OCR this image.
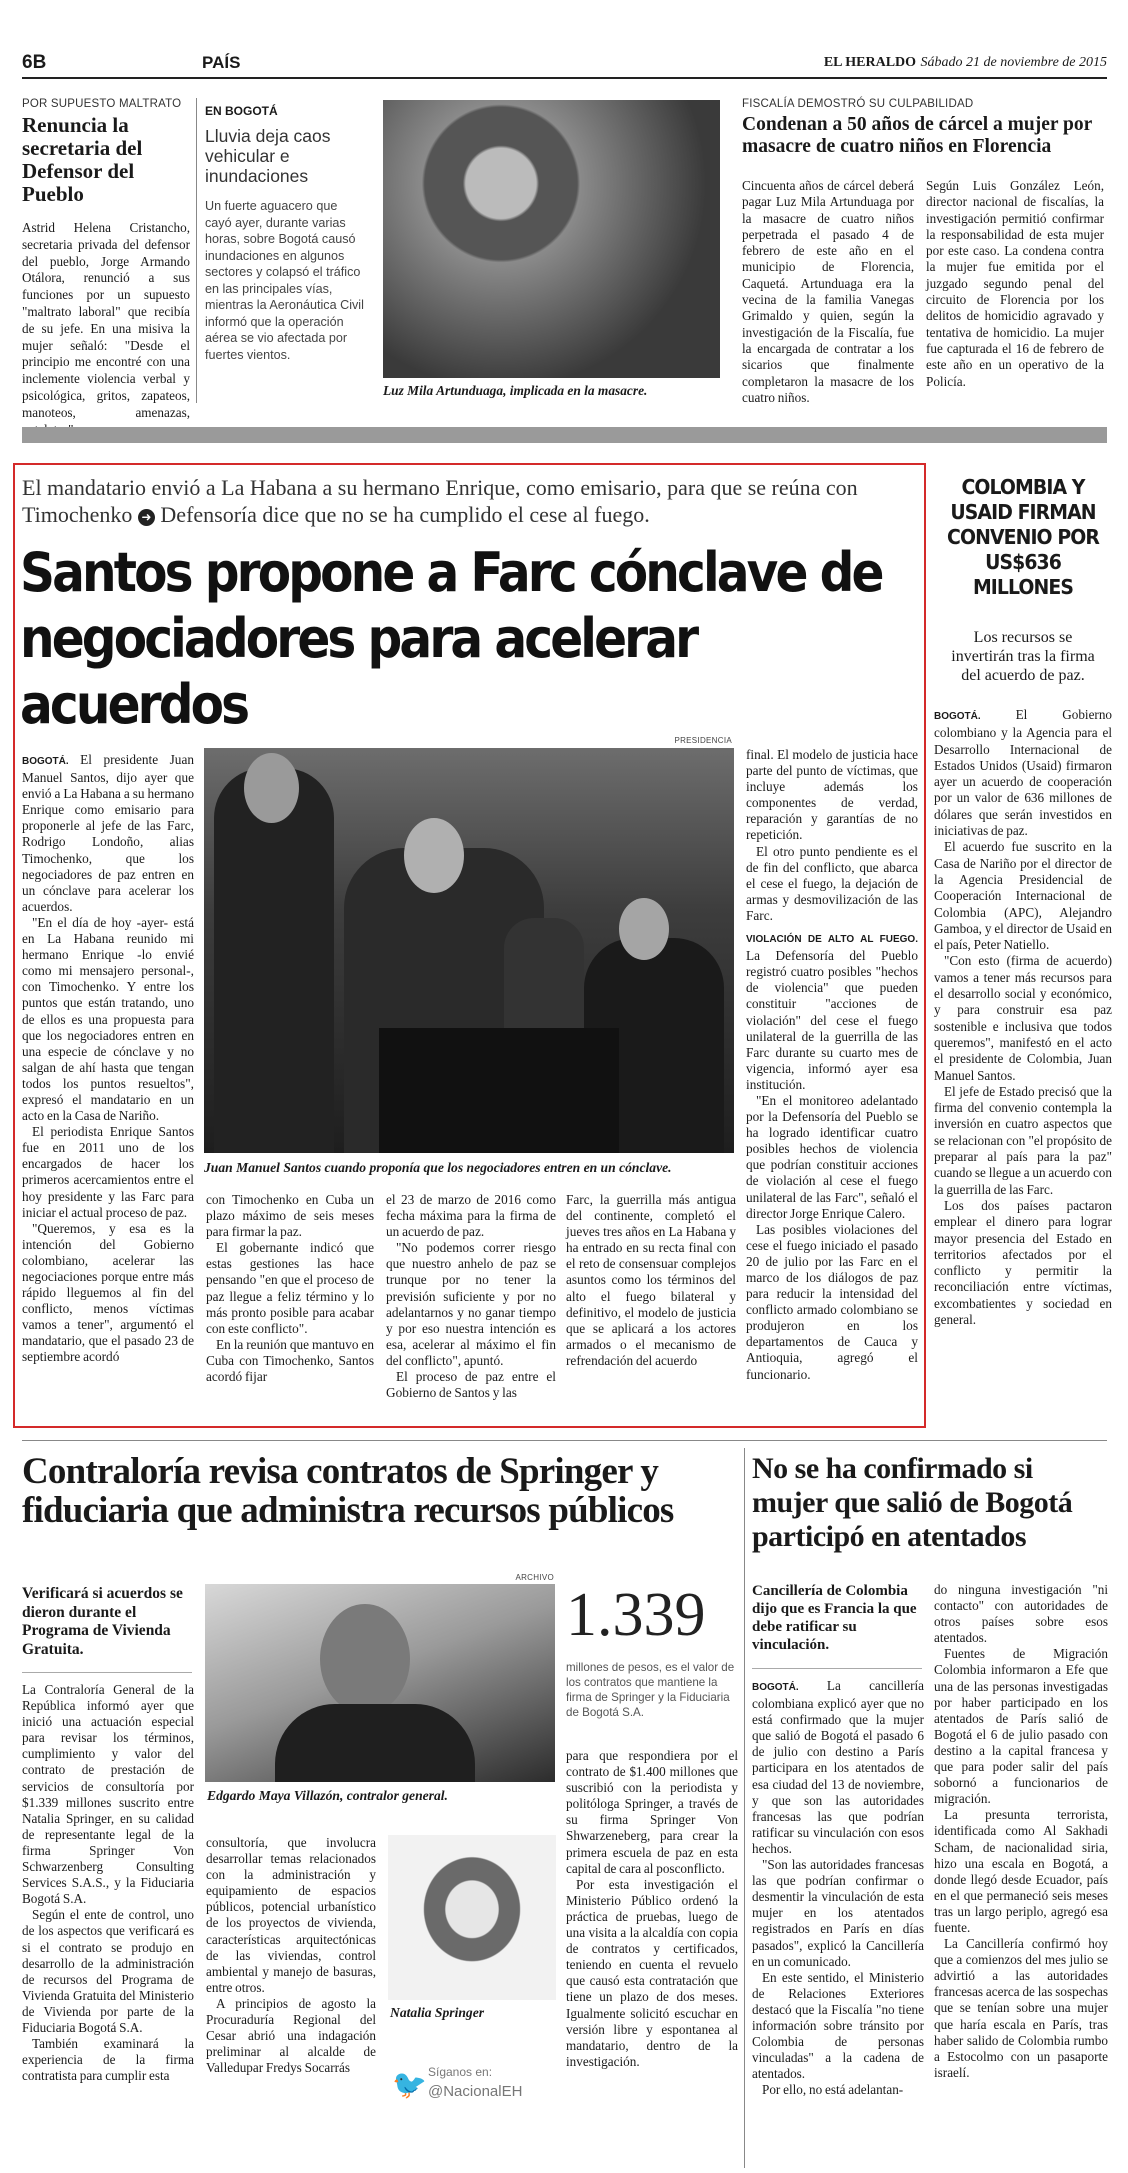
6B	PAÍS	EL HERALDO Sábado 21 de noviembre de 2015
POR SUPUESTO MALTRATO
Renuncia la secretaria del Defensor del Pueblo
Astrid Helena Cristancho, secretaria privada del defensor del pueblo, Jorge Armando Otálora, renunció a sus funciones por un supuesto "maltrato laboral" que recibía de su jefe. En una misiva la mujer señaló: "Desde el principio me encontré con una inclemente violencia verbal y psicológica, gritos, zapateos, manoteos, amenazas,
EN BOGOTÁ
Lluvia deja caos vehicular e inundaciones
Un fuerte aguacero que cayó ayer, durante varias horas, sobre Bogotá causó inundaciones en algunos sectores y colapsó el tráfico en las principales vías, mientras la Aeronáutica Civil informó que la operación aérea se vio afectada por fuertes vientos.
Luz Mila Artunduaga, implicada en la masacre.
FISCALÍA DEMOSTRÓ SU CULPABILIDAD
Condenan a 50 años de cárcel a mujer por masacre de cuatro niños en Florencia
Cincuenta años de cárcel deberá pagar Luz Mila Artunduaga por la masacre de cuatro niños perpetrada el pasado 4 de febrero de este año en el municipio de Florencia, Caquetá. Artunduaga era la vecina de la familia Vanegas Grimaldo y quien, según la investigación de la Fiscalía, fue la encargada de contratar a los sicarios que finalmente completaron la masacre de los cuatro niños.
Según Luis González León, director nacional de fiscalías, la investigación permitió confirmar la responsabilidad de esta mujer por este caso. La condena contra la mujer fue emitida por el juzgado segundo penal del circuito de Florencia por los delitos de homicidio agravado y tentativa de homicidio. La mujer fue capturada el 16 de febrero de este año en un operativo de la Policía.
El mandatario envió a La Habana a su hermano Enrique, como emisario, para que se reúna con Timochenko ➜ Defensoría dice que no se ha cumplido el cese al fuego.
Santos propone a Farc cónclave de negociadores para acelerar acuerdos
PRESIDENCIA
Juan Manuel Santos cuando proponía que los negociadores entren en un cónclave.

BOGOTÁ. El presidente Juan Manuel Santos, dijo ayer que envió a La Habana a su hermano Enrique como emisario para proponerle al jefe de las Farc, Rodrigo Londoño, alias Timochenko, que los negociadores de paz entren en un cónclave para acelerar los acuerdos.

"En el día de hoy -ayer- está en La Habana reunido mi hermano Enrique -lo envié como mi mensajero personal-, con Timochenko. Y entre los puntos que están tratando, uno de ellos es una propuesta para que los negociadores entren en una especie de cónclave y no salgan de ahí hasta que tengan todos los puntos resueltos", expresó el mandatario en un acto en la Casa de Nariño.

El periodista Enrique Santos fue en 2011 uno de los encargados de hacer los primeros acercamientos entre el hoy presidente y las Farc para iniciar el actual proceso de paz.

"Queremos, y esa es la intención del Gobierno colombiano, acelerar las negociaciones porque entre más rápido lleguemos al fin del conflicto, menos víctimas vamos a tener", argumentó el mandatario, que el pasado 23 de septiembre acordó

con Timochenko en Cuba un plazo máximo de seis meses para firmar la paz.

El gobernante indicó que estas gestiones las hace pensando "en que el proceso de paz llegue a feliz término y lo más pronto posible para acabar con este conflicto".

En la reunión que mantuvo en Cuba con Timochenko, Santos acordó fijar

el 23 de marzo de 2016 como fecha máxima para la firma de un acuerdo de paz.

"No podemos correr riesgo que nuestro anhelo de paz se trunque por no tener la previsión suficiente y por no adelantarnos y no ganar tiempo y por eso nuestra intención es esa, acelerar al máximo el fin del conflicto", apuntó.

El proceso de paz entre el Gobierno de Santos y las

Farc, la guerrilla más antigua del continente, completó el jueves tres años en La Habana y ha entrado en su recta final con el reto de consensuar complejos asuntos como los términos del alto el fuego bilateral y definitivo, el modelo de justicia que se aplicará a los actores armados o el mecanismo de refrendación del acuerdo

final. El modelo de justicia hace parte del punto de víctimas, que incluye además los componentes de verdad, reparación y garantías de no repetición.

El otro punto pendiente es el de fin del conflicto, que abarca el cese el fuego, la dejación de armas y desmovilización de las Farc.

VIOLACIÓN DE ALTO AL FUEGO. La Defensoría del Pueblo registró cuatro posibles "hechos de violencia" que pueden constituir "acciones de violación" del cese el fuego unilateral de la guerrilla de las Farc durante su cuarto mes de vigencia, informó ayer esa institución.

"En el monitoreo adelantado por la Defensoría del Pueblo se ha logrado identificar cuatro posibles hechos de violencia que podrían constituir acciones de violación al cese el fuego unilateral de las Farc", señaló el director Jorge Enrique Calero.

Las posibles violaciones del cese el fuego iniciado el pasado 20 de julio por las Farc en el marco de los diálogos de paz para reducir la intensidad del conflicto armado colombiano se produjeron en los departamentos de Cauca y Antioquia, agregó el funcionario.

COLOMBIA Y USAID FIRMAN CONVENIO POR US$636 MILLONES
Los recursos se invertirán tras la firma del acuerdo de paz.

BOGOTÁ.	El Gobierno colombiano y la Agencia para el Desarrollo Internacional de Estados Unidos (Usaid) firmaron ayer un acuerdo de cooperación por un valor de 636 millones de dólares que serán investidos en iniciativas de paz.

El acuerdo fue suscrito en la Casa de Nariño por el director de la Agencia Presidencial de Cooperación Internacional de Colombia (APC), Alejandro Gamboa, y el director de Usaid en el país, Peter Natiello.

"Con esto (firma de acuerdo) vamos a tener más recursos para el desarrollo social y económico, y para construir esa paz sostenible e inclusiva que todos queremos", manifestó en el acto el presidente de Colombia, Juan Manuel Santos.

El jefe de Estado precisó que la firma del convenio contempla la inversión en cuatro aspectos que se relacionan con "el propósito de preparar al país para la paz" cuando se llegue a un acuerdo con la guerrilla de las Farc.

Los dos países pactaron emplear el dinero para lograr mayor presencia del Estado en territorios afectados por el conflicto y permitir la reconciliación entre víctimas, excombatientes y sociedad en general.

Contraloría revisa contratos de Springer y fiduciaria que administra recursos públicos
Verificará si acuerdos se dieron durante el Programa de Vivienda Gratuita.

La Contraloría General de la República informó ayer que inició una actuación especial para revisar los términos, cumplimiento y valor del contrato de prestación de servicios de consultoría por $1.339 millones suscrito entre Natalia Springer, en su calidad de representante legal de la firma Springer Von Schwarzenberg Consulting Services S.A.S., y la Fiduciaria Bogotá S.A.

Según el ente de control, uno de los aspectos que verificará es si el contrato se produjo en desarrollo de la administración de recursos del Programa de Vivienda Gratuita del Ministerio de Vivienda por parte de la Fiduciaria Bogotá S.A.

También examinará la experiencia de la firma contratista para cumplir esta

ARCHIVO
Edgardo Maya Villazón, contralor general.

consultoría, que involucra desarrollar temas relacionados con la administración y equipamiento de espacios públicos, potencial urbanístico de los proyectos de vivienda, características arquitectónicas de las viviendas, control ambiental y manejo de basuras, entre otros.

A principios de agosto la Procuraduría Regional del Cesar abrió una indagación preliminar al alcalde de Valledupar Fredys Socarrás

Natalia Springer
1.339
millones de pesos, es el valor de los contratos que mantiene la firma de Springer y la Fiduciaria de Bogotá S.A.

para que respondiera por el contrato de $1.400 millones que suscribió con la periodista y politóloga Springer, a través de su firma Springer Von Shwarzeneberg, para crear la primera escuela de paz en esta capital de cara al posconflicto.

Por esta investigación el Ministerio Público ordenó la práctica de pruebas, luego de una visita a la alcaldía con copia de contratos y certificados, teniendo en cuenta el revuelo que causó esta contratación que tiene un plazo de dos meses. Igualmente solicitó escuchar en versión libre y espontanea al mandatario, dentro de la investigación.

🐦 Síganos en:
@NacionalEH
No se ha confirmado si mujer que salió de Bogotá participó en atentados
Cancillería de Colombia dijo que es Francia la que debe ratificar su vinculación.

BOGOTÁ. La cancillería colombiana explicó ayer que no está confirmado que la mujer que salió de Bogotá el pasado 6 de julio con destino a París participara en los atentados de esa ciudad del 13 de noviembre, y que son las autoridades francesas las que podrían ratificar su vinculación con esos hechos.

"Son las autoridades francesas las que podrían confirmar o desmentir la vinculación de esta mujer en los atentados registrados en París en días pasados", explicó la Cancillería en un comunicado.

En este sentido, el Ministerio de Relaciones Exteriores destacó que la Fiscalía "no tiene información sobre tránsito por Colombia de personas vinculadas" a la cadena de atentados.

Por ello, no está adelantan-

do ninguna investigación "ni contacto" con autoridades de otros países sobre esos atentados.

Fuentes de Migración Colombia informaron a Efe que una de las personas investigadas por haber participado en los atentados de París salió de Bogotá el 6 de julio pasado con destino a la capital francesa y que para poder salir del país sobornó a funcionarios de migración.

La presunta terrorista, identificada como Al Sakhadi Scham, de nacionalidad siria, hizo una escala en Bogotá, a donde llegó desde Ecuador, país en el que permaneció seis meses tras un largo periplo, agregó esa fuente.

La Cancillería confirmó hoy que a comienzos del mes julio se advirtió a las autoridades francesas acerca de las sospechas que se tenían sobre una mujer que haría escala en París, tras haber salido de Colombia rumbo a Estocolmo con un pasaporte israelí.
